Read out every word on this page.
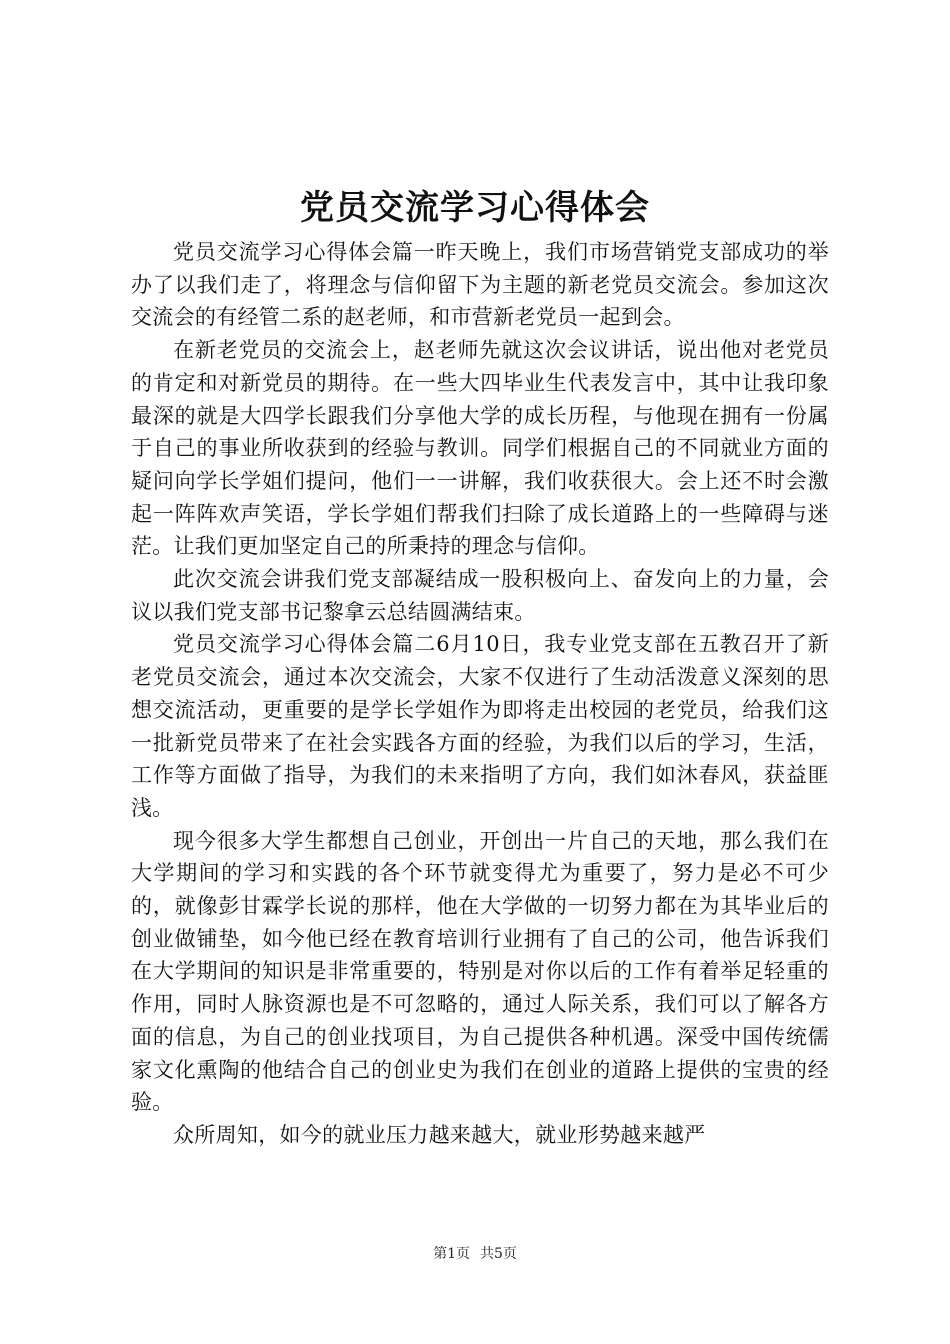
党员交流学习心得体会

党员交流学习心得体会篇一昨天晚上，我们市场营销党支部成功的举办了以我们走了，将理念与信仰留下为主题的新老党员交流会。参加这次交流会的有经管二系的赵老师，和市营新老党员一起到会。

在新老党员的交流会上，赵老师先就这次会议讲话，说出他对老党员的肯定和对新党员的期待。在一些大四毕业生代表发言中，其中让我印象最深的就是大四学长跟我们分享他大学的成长历程，与他现在拥有一份属于自己的事业所收获到的经验与教训。同学们根据自己的不同就业方面的疑问向学长学姐们提问，他们一一讲解，我们收获很大。会上还不时会激起一阵阵欢声笑语，学长学姐们帮我们扫除了成长道路上的一些障碍与迷茫。让我们更加坚定自己的所秉持的理念与信仰。

此次交流会讲我们党支部凝结成一股积极向上、奋发向上的力量，会议以我们党支部书记黎拿云总结圆满结束。

党员交流学习心得体会篇二6月10日，我专业党支部在五教召开了新老党员交流会，通过本次交流会，大家不仅进行了生动活泼意义深刻的思想交流活动，更重要的是学长学姐作为即将走出校园的老党员，给我们这一批新党员带来了在社会实践各方面的经验，为我们以后的学习，生活，工作等方面做了指导，为我们的未来指明了方向，我们如沐春风，获益匪浅。

现今很多大学生都想自己创业，开创出一片自己的天地，那么我们在大学期间的学习和实践的各个环节就变得尤为重要了，努力是必不可少的，就像彭甘霖学长说的那样，他在大学做的一切努力都在为其毕业后的创业做铺垫，如今他已经在教育培训行业拥有了自己的公司，他告诉我们在大学期间的知识是非常重要的，特别是对你以后的工作有着举足轻重的作用，同时人脉资源也是不可忽略的，通过人际关系，我们可以了解各方面的信息，为自己的创业找项目，为自己提供各种机遇。深受中国传统儒家文化熏陶的他结合自己的创业史为我们在创业的道路上提供的宝贵的经验。

众所周知，如今的就业压力越来越大，就业形势越来越严

第1页 共5页
